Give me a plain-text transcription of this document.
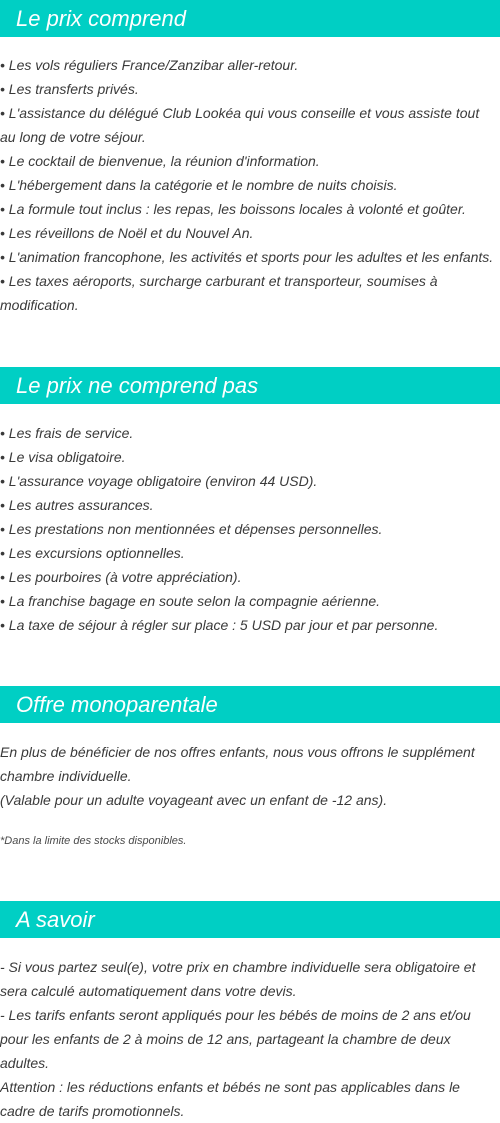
Le prix comprend
• Les vols réguliers France/Zanzibar aller-retour.
• Les transferts privés.
• L'assistance du délégué Club Lookéa qui vous conseille et vous assiste tout au long de votre séjour.
• Le cocktail de bienvenue, la réunion d'information.
• L'hébergement dans la catégorie et le nombre de nuits choisis.
• La formule tout inclus : les repas, les boissons locales à volonté et goûter.
• Les réveillons de Noël et du Nouvel An.
• L'animation francophone, les activités et sports pour les adultes et les enfants.
• Les taxes aéroports, surcharge carburant et transporteur, soumises à modification.
Le prix ne comprend pas
• Les frais de service.
• Le visa obligatoire.
• L'assurance voyage obligatoire (environ 44 USD).
• Les autres assurances.
• Les prestations non mentionnées et dépenses personnelles.
• Les excursions optionnelles.
• Les pourboires (à votre appréciation).
• La franchise bagage en soute selon la compagnie aérienne.
• La taxe de séjour à régler sur place : 5 USD par jour et par personne.
Offre monoparentale

En plus de bénéficier de nos offres enfants, nous vous offrons le supplément chambre individuelle.

(Valable pour un adulte voyageant avec un enfant de -12 ans).

*Dans la limite des stocks disponibles.

A savoir

- Si vous partez seul(e), votre prix en chambre individuelle sera obligatoire et sera calculé automatiquement dans votre devis.

- Les tarifs enfants seront appliqués pour les bébés de moins de 2 ans et/ou pour les enfants de 2 à moins de 12 ans, partageant la chambre de deux adultes.

Attention : les réductions enfants et bébés ne sont pas applicables dans le cadre de tarifs promotionnels.
